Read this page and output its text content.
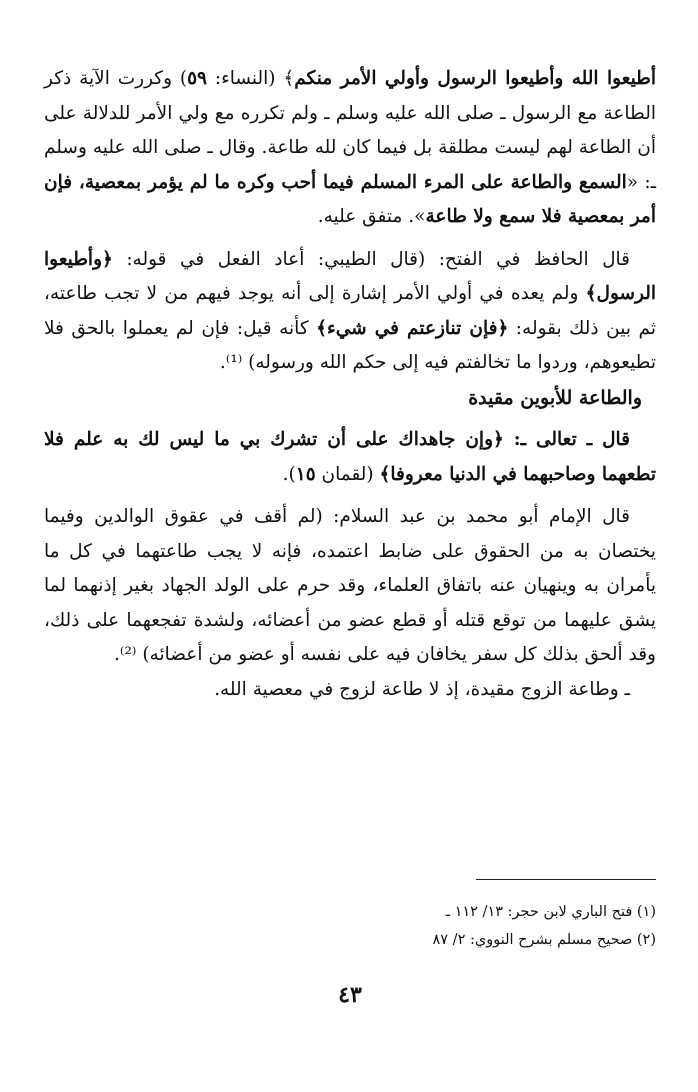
أطيعوا الله وأطيعوا الرسول وأولي الأمر منكم﴾ (النساء: ٥٩) وكررت الآية ذكر الطاعة مع الرسول ـ صلى الله عليه وسلم ـ ولم تكرره مع ولي الأمر للدلالة على أن الطاعة لهم ليست مطلقة بل فيما كان لله طاعة. وقال ـ صلى الله عليه وسلم ـ: «السمع والطاعة على المرء المسلم فيما أحب وكره ما لم يؤمر بمعصية، فإن أمر بمعصية فلا سمع ولا طاعة». متفق عليه.

قال الحافظ في الفتح: (قال الطيبي: أعاد الفعل في قوله: ﴿وأطيعوا الرسول﴾ ولم يعده في أولي الأمر إشارة إلى أنه يوجد فيهم من لا تجب طاعته، ثم بين ذلك بقوله: ﴿فإن تنازعتم في شيء﴾ كأنه قيل: فإن لم يعملوا بالحق فلا تطيعوهم، وردوا ما تخالفتم فيه إلى حكم الله ورسوله) ⁽¹⁾.

والطاعة للأبوين مقيدة

قال ـ تعالى ـ: ﴿وإن جاهداك على أن تشرك بي ما ليس لك به علم فلا تطعهما وصاحبهما في الدنيا معروفا﴾ (لقمان ١٥).

قال الإمام أبو محمد بن عبد السلام: (لم أقف في عقوق الوالدين وفيما يختصان به من الحقوق على ضابط اعتمده، فإنه لا يجب طاعتهما في كل ما يأمران به وينهيان عنه باتفاق العلماء، وقد حرم على الولد الجهاد بغير إذنهما لما يشق عليهما من توقع قتله أو قطع عضو من أعضائه، ولشدة تفجعهما على ذلك، وقد ألحق بذلك كل سفر يخافان فيه على نفسه أو عضو من أعضائه) ⁽²⁾.

ـ وطاعة الزوج مقيدة، إذ لا طاعة لزوج في معصية الله.

(١) فتح الباري لابن حجر: ١٣/ ١١٢ ـ

(٢) صحيح مسلم بشرح النووي: ٢/ ٨٧

٤٣
